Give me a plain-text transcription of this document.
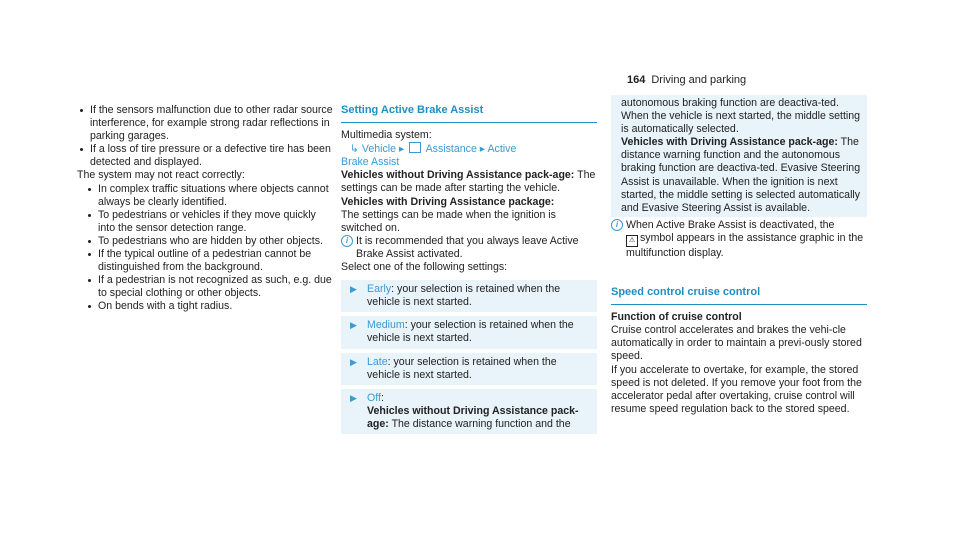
164 Driving and parking
If the sensors malfunction due to other radar source interference, for example strong radar reflections in parking garages.
If a loss of tire pressure or a defective tire has been detected and displayed.

The system may not react correctly:

In complex traffic situations where objects cannot always be clearly identified.
To pedestrians or vehicles if they move quickly into the sensor detection range.
To pedestrians who are hidden by other objects.
If the typical outline of a pedestrian cannot be distinguished from the background.
If a pedestrian is not recognized as such, e.g. due to special clothing or other objects.
On bends with a tight radius.
Setting Active Brake Assist

Multimedia system:

↳ Vehicle ▸ Assistance ▸ Active

Brake Assist

Vehicles without Driving Assistance pack-age: The settings can be made after starting the vehicle.

Vehicles with Driving Assistance package:

The settings can be made when the ignition is switched on.

i It is recommended that you always leave Active Brake Assist activated.

Select one of the following settings:

▶ Early: your selection is retained when the vehicle is next started.
▶ Medium: your selection is retained when the vehicle is next started.
▶ Late: your selection is retained when the vehicle is next started.
▶ Off:
Vehicles without Driving Assistance pack-age: The distance warning function and the

autonomous braking function are deactiva-ted. When the vehicle is next started, the middle setting is automatically selected.

Vehicles with Driving Assistance pack-age: The distance warning function and the autonomous braking function are deactiva-ted. Evasive Steering Assist is unavailable. When the ignition is next started, the middle setting is selected automatically and Evasive Steering Assist is available.

i When Active Brake Assist is deactivated, the
⚠ symbol appears in the assistance graphic in the multifunction display.
Speed control cruise control

Function of cruise control

Cruise control accelerates and brakes the vehi-cle automatically in order to maintain a previ-ously stored speed.

If you accelerate to overtake, for example, the stored speed is not deleted. If you remove your foot from the accelerator pedal after overtaking, cruise control will resume speed regulation back to the stored speed.
